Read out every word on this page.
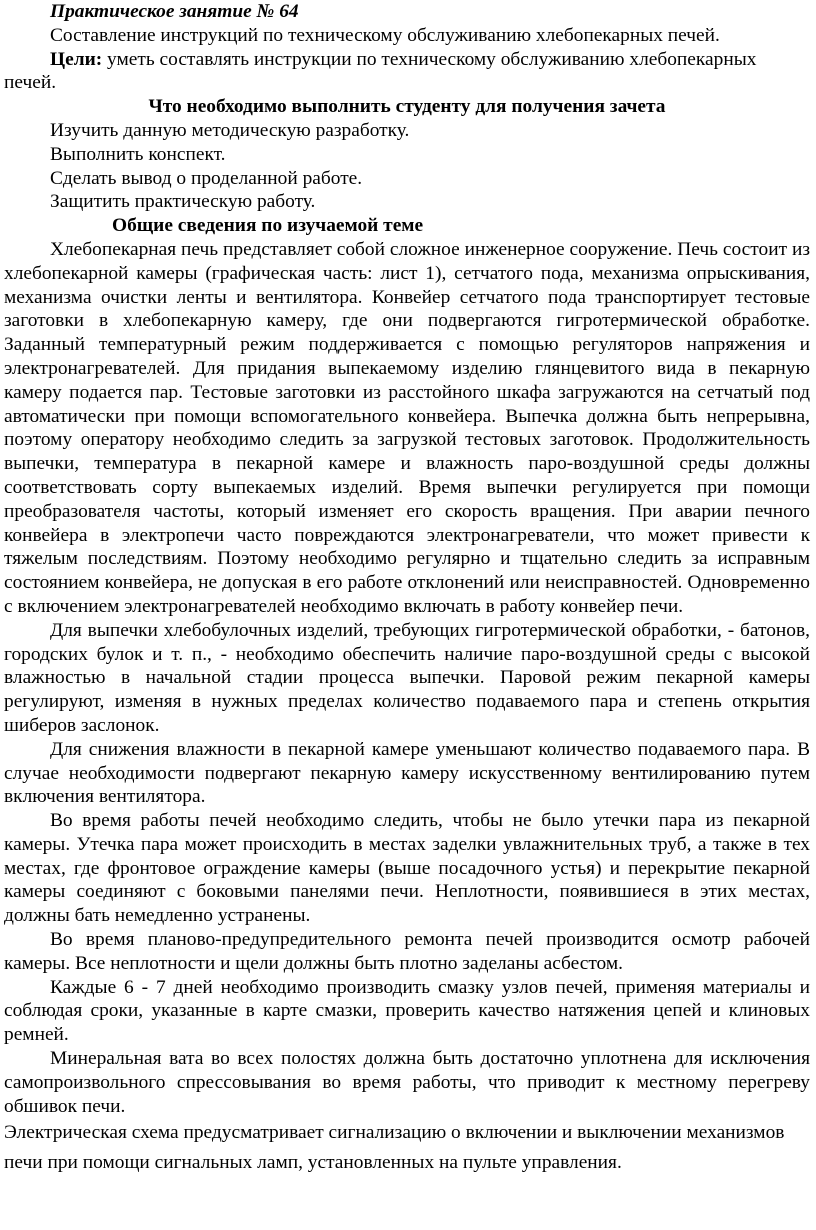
Практическое занятие № 64

Составление инструкций по техническому обслуживанию хлебопекарных печей.

Цели: уметь составлять инструкции по техническому обслуживанию хлебопекарных печей.

Что необходимо выполнить студенту для получения зачета

Изучить данную методическую разработку.

Выполнить конспект.

Сделать вывод о проделанной работе.

Защитить практическую работу.

Общие сведения по изучаемой теме

Хлебопекарная печь представляет собой сложное инженерное сооружение. Печь состоит из хлебопекарной камеры (графическая часть: лист 1), сетчатого пода, механизма опрыскивания, механизма очистки ленты и вентилятора. Конвейер сетчатого пода транспортирует тестовые заготовки в хлебопекарную камеру, где они подвергаются гигротермической обработке. Заданный температурный режим поддерживается с помощью регуляторов напряжения и электронагревателей. Для придания выпекаемому изделию глянцевитого вида в пекарную камеру подается пар. Тестовые заготовки из расстойного шкафа загружаются на сетчатый под автоматически при помощи вспомогательного конвейера. Выпечка должна быть непрерывна, поэтому оператору необходимо следить за загрузкой тестовых заготовок. Продолжительность выпечки, температура в пекарной камере и влажность паро-воздушной среды должны соответствовать сорту выпекаемых изделий. Время выпечки регулируется при помощи преобразователя частоты, который изменяет его скорость вращения. При аварии печного конвейера в электропечи часто повреждаются электронагреватели, что может привести к тяжелым последствиям. Поэтому необходимо регулярно и тщательно следить за исправным состоянием конвейера, не допуская в его работе отклонений или неисправностей. Одновременно с включением электронагревателей необходимо включать в работу конвейер печи.

Для выпечки хлебобулочных изделий, требующих гигротермической обработки, - батонов, городских булок и т. п., - необходимо обеспечить наличие паро-воздушной среды с высокой влажностью в начальной стадии процесса выпечки. Паровой режим пекарной камеры регулируют, изменяя в нужных пределах количество подаваемого пара и степень открытия шиберов заслонок.

Для снижения влажности в пекарной камере уменьшают количество подаваемого пара. В случае необходимости подвергают пекарную камеру искусственному вентилированию путем включения вентилятора.

Во время работы печей необходимо следить, чтобы не было утечки пара из пекарной камеры. Утечка пара может происходить в местах заделки увлажнительных труб, а также в тех местах, где фронтовое ограждение камеры (выше посадочного устья) и перекрытие пекарной камеры соединяют с боковыми панелями печи. Неплотности, появившиеся в этих местах, должны бать немедленно устранены.

Во время планово-предупредительного ремонта печей производится осмотр рабочей камеры. Все неплотности и щели должны быть плотно заделаны асбестом.

Каждые 6 - 7 дней необходимо производить смазку узлов печей, применяя материалы и соблюдая сроки, указанные в карте смазки, проверить качество натяжения цепей и клиновых ремней.

Минеральная вата во всех полостях должна быть достаточно уплотнена для исключения самопроизвольного спрессовывания во время работы, что приводит к местному перегреву обшивок печи.

Электрическая схема предусматривает сигнализацию о включении и выключении механизмов печи при помощи сигнальных ламп, установленных на пульте управления.
